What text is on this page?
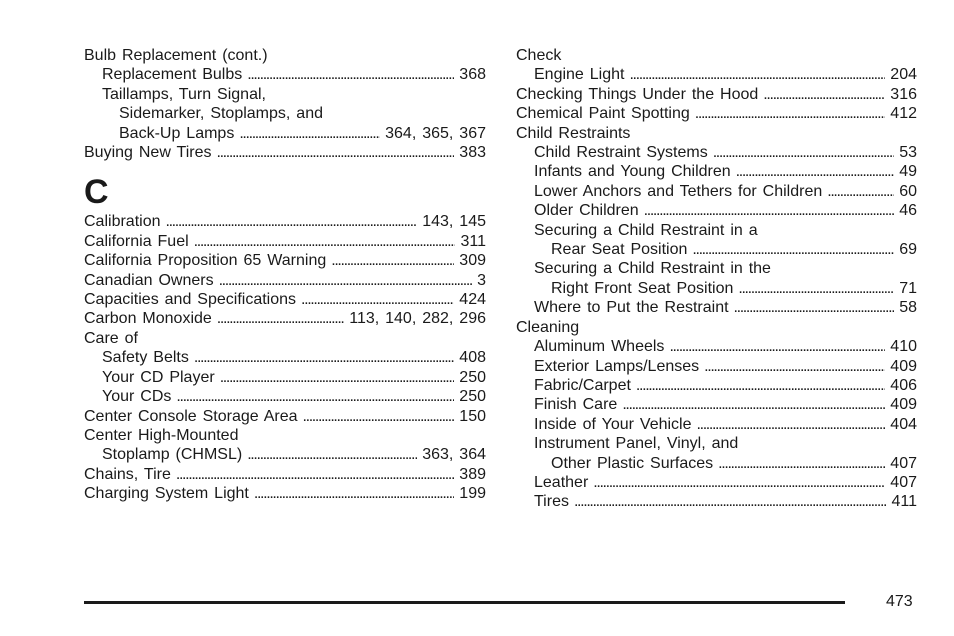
Bulb Replacement (cont.)
Replacement Bulbs . . .	368
Taillamps, Turn Signal,
Sidemarker, Stoplamps, and
Back-Up Lamps . . .	364, 365, 367
Buying New Tires . . .	383
C
Calibration . . .	143, 145
California Fuel . . .	311
California Proposition 65 Warning . . .	309
Canadian Owners . . .	3
Capacities and Specifications . . .	424
Carbon Monoxide . . .	113, 140, 282, 296
Care of
Safety Belts . . .	408
Your CD Player . . .	250
Your CDs . . .	250
Center Console Storage Area . . .	150
Center High-Mounted
Stoplamp (CHMSL) . . .	363, 364
Chains, Tire . . .	389
Charging System Light . . .	199
Check
Engine Light . . .	204
Checking Things Under the Hood . . .	316
Chemical Paint Spotting . . .	412
Child Restraints
Child Restraint Systems . . .	53
Infants and Young Children . . .	49
Lower Anchors and Tethers for Children . . .	60
Older Children . . .	46
Securing a Child Restraint in a
Rear Seat Position . . .	69
Securing a Child Restraint in the
Right Front Seat Position . . .	71
Where to Put the Restraint . . .	58
Cleaning
Aluminum Wheels . . .	410
Exterior Lamps/Lenses . . .	409
Fabric/Carpet . . .	406
Finish Care . . .	409
Inside of Your Vehicle . . .	404
Instrument Panel, Vinyl, and
Other Plastic Surfaces . . .	407
Leather . . .	407
Tires . . .	411
473
